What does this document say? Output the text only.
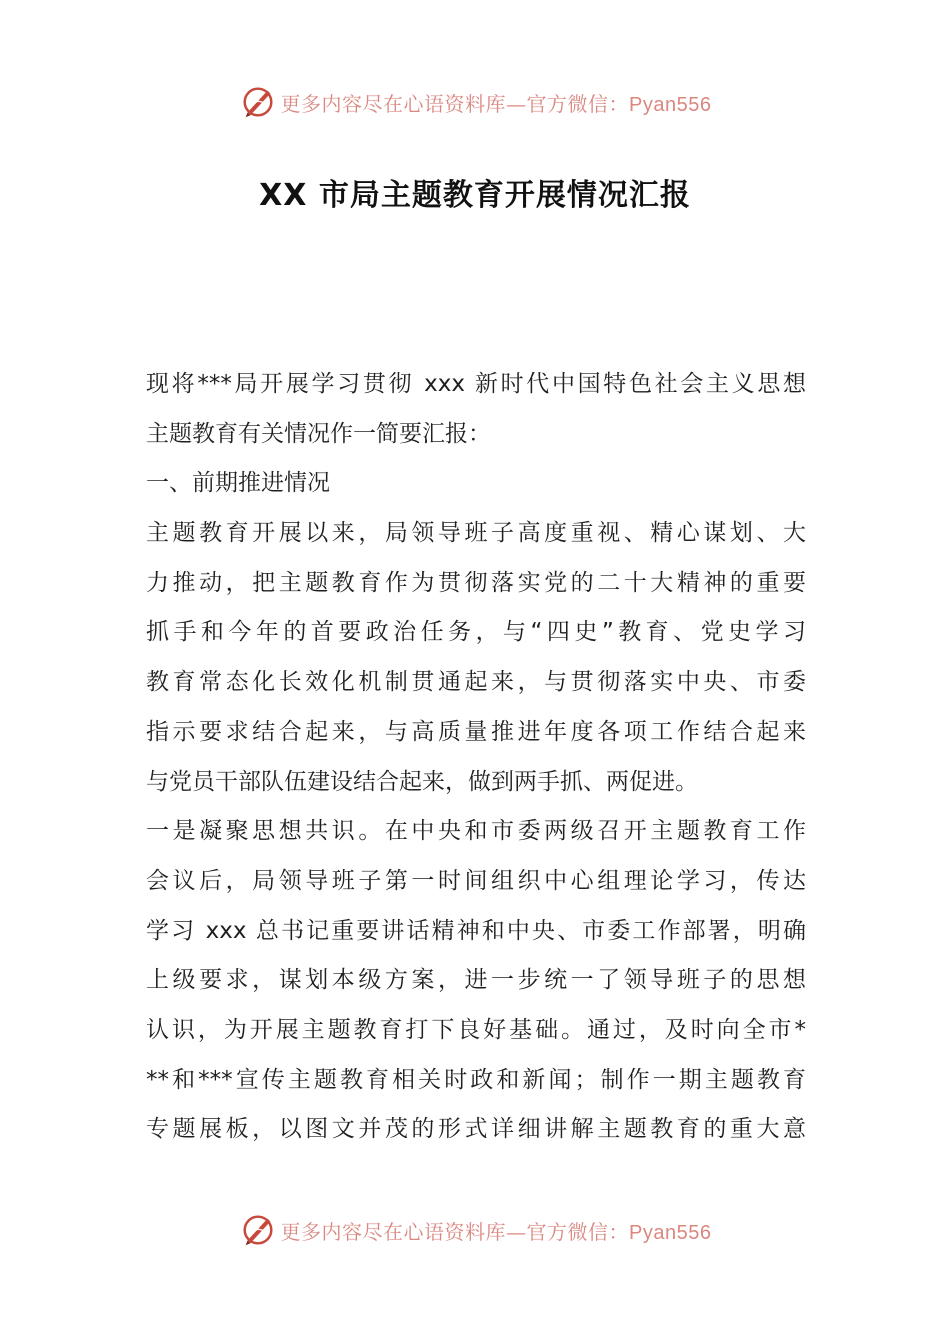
更多内容尽在心语资料库—官方微信：Pyan556
XX 市局主题教育开展情况汇报
现将***局开展学习贯彻 xxx 新时代中国特色社会主义思想
主题教育有关情况作一简要汇报：
一、前期推进情况
主题教育开展以来，局领导班子高度重视、精心谋划、大
力推动，把主题教育作为贯彻落实党的二十大精神的重要
抓手和今年的首要政治任务，与“四史”教育、党史学习
教育常态化长效化机制贯通起来，与贯彻落实中央、市委
指示要求结合起来，与高质量推进年度各项工作结合起来
与党员干部队伍建设结合起来，做到两手抓、两促进。
一是凝聚思想共识。在中央和市委两级召开主题教育工作
会议后，局领导班子第一时间组织中心组理论学习，传达
学习 xxx 总书记重要讲话精神和中央、市委工作部署，明确
上级要求，谋划本级方案，进一步统一了领导班子的思想
认识，为开展主题教育打下良好基础。通过，及时向全市*
**和***宣传主题教育相关时政和新闻；制作一期主题教育
专题展板，以图文并茂的形式详细讲解主题教育的重大意
更多内容尽在心语资料库—官方微信：Pyan556
